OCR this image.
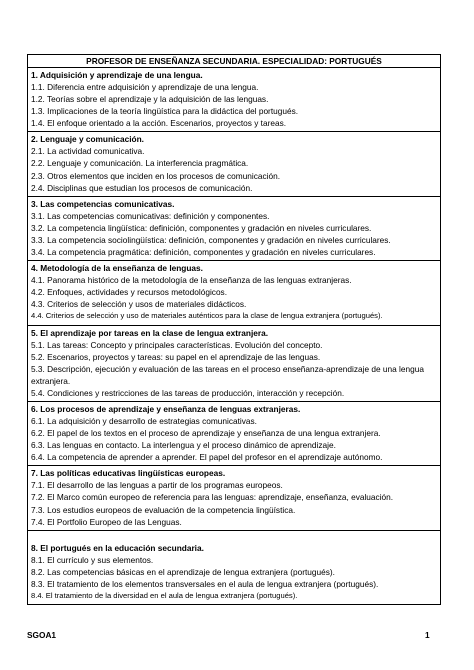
PROFESOR DE ENSEÑANZA SECUNDARIA. ESPECIALIDAD: PORTUGUÉS
1. Adquisición y aprendizaje de una lengua.
1.1. Diferencia entre adquisición y aprendizaje de una lengua.
1.2. Teorías sobre el aprendizaje y la adquisición de las lenguas.
1.3. Implicaciones de la teoría lingüística para la didáctica del portugués.
1.4. El enfoque orientado a la acción. Escenarios, proyectos y tareas.
2. Lenguaje y comunicación.
2.1. La actividad comunicativa.
2.2. Lenguaje y comunicación. La interferencia pragmática.
2.3. Otros elementos que inciden en los procesos de comunicación.
2.4. Disciplinas que estudian los procesos de comunicación.
3. Las competencias comunicativas.
3.1. Las competencias comunicativas: definición y componentes.
3.2. La competencia lingüística: definición, componentes y gradación en niveles curriculares.
3.3. La competencia sociolingüística: definición, componentes y gradación en niveles curriculares.
3.4. La competencia pragmática: definición, componentes y gradación en niveles curriculares.
4. Metodología de la enseñanza de lenguas.
4.1. Panorama histórico de la metodología de la enseñanza de las lenguas extranjeras.
4.2. Enfoques, actividades y recursos metodológicos.
4.3. Criterios de selección y usos de materiales didácticos.
4.4. Criterios de selección y uso de materiales auténticos para la clase de lengua extranjera (portugués).
5. El aprendizaje por tareas en la clase de lengua extranjera.
5.1. Las tareas: Concepto y principales características. Evolución del concepto.
5.2. Escenarios, proyectos y tareas: su papel en el aprendizaje de las lenguas.
5.3. Descripción, ejecución y evaluación de las tareas en el proceso enseñanza-aprendizaje de una lengua extranjera.
5.4. Condiciones y restricciones de las tareas de producción, interacción y recepción.
6. Los procesos de aprendizaje y enseñanza de lenguas extranjeras.
6.1. La adquisición y desarrollo de estrategias comunicativas.
6.2. El papel de los textos en el proceso de aprendizaje y enseñanza de una lengua extranjera.
6.3. Las lenguas en contacto. La interlengua y el proceso dinámico de aprendizaje.
6.4. La competencia de aprender a aprender. El papel del profesor en el aprendizaje autónomo.
7. Las políticas educativas lingüísticas europeas.
7.1. El desarrollo de las lenguas a partir de los programas europeos.
7.2. El Marco común europeo de referencia para las lenguas: aprendizaje, enseñanza, evaluación.
7.3. Los estudios europeos de evaluación de la competencia lingüística.
7.4. El Portfolio Europeo de las Lenguas.
8. El portugués en la educación secundaria.
8.1. El currículo y sus elementos.
8.2. Las competencias básicas en el aprendizaje de lengua extranjera (portugués).
8.3. El tratamiento de los elementos transversales en el aula de lengua extranjera (portugués).
8.4. El tratamiento de la diversidad en el aula de lengua extranjera (portugués).
SGOA1	1
